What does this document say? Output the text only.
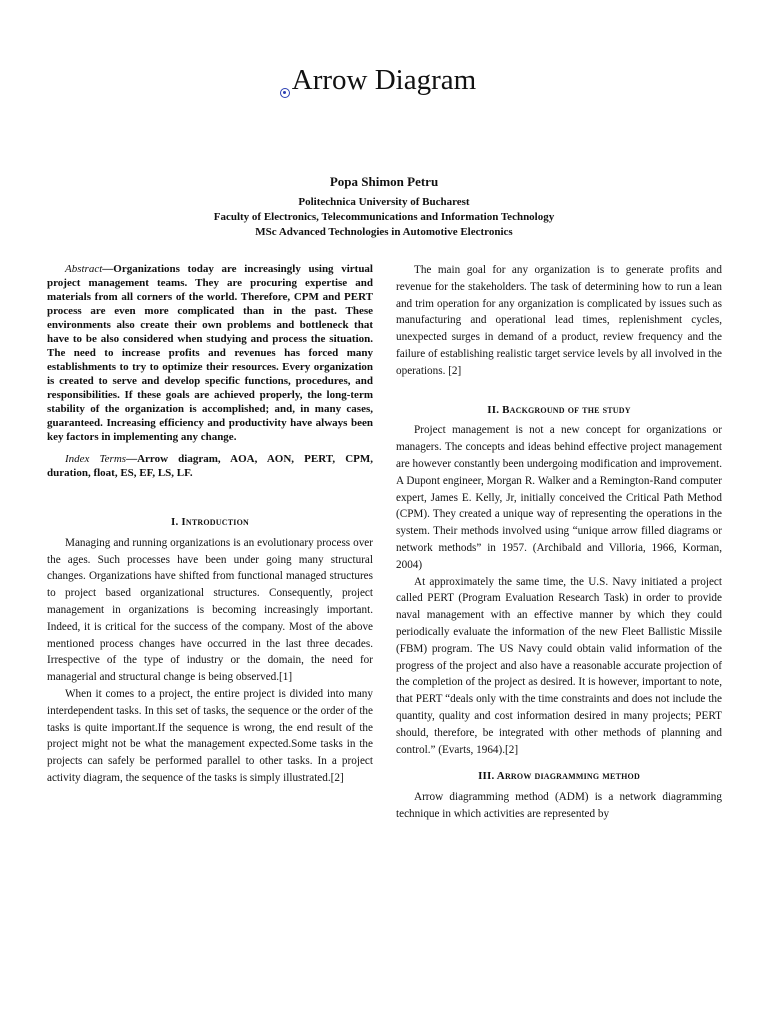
Arrow Diagram
Popa Shimon Petru
Politechnica University of Bucharest
Faculty of Electronics, Telecommunications and Information Technology
MSc Advanced Technologies in Automotive Electronics

Abstract—Organizations today are increasingly using virtual project management teams. They are procuring expertise and materials from all corners of the world. Therefore, CPM and PERT process are even more complicated than in the past. These environments also create their own problems and bottleneck that have to be also considered when studying and process the situation. The need to increase profits and revenues has forced many establishments to try to optimize their resources. Every organization is created to serve and develop specific functions, procedures, and responsibilities. If these goals are achieved properly, the long-term stability of the organization is accomplished; and, in many cases, guaranteed. Increasing efficiency and productivity have always been key factors in implementing any change.

Index Terms—Arrow diagram, AOA, AON, PERT, CPM, duration, float, ES, EF, LS, LF.

I. Introduction

Managing and running organizations is an evolutionary process over the ages. Such processes have been under going many structural changes. Organizations have shifted from functional managed structures to project based organizational structures. Consequently, project management in organizations is becoming increasingly important. Indeed, it is critical for the success of the company. Most of the above mentioned process changes have occurred in the last three decades. Irrespective of the type of industry or the domain, the need for managerial and structural change is being observed.[1]

When it comes to a project, the entire project is divided into many interdependent tasks. In this set of tasks, the sequence or the order of the tasks is quite important.If the sequence is wrong, the end result of the project might not be what the management expected.Some tasks in the projects can safely be performed parallel to other tasks. In a project activity diagram, the sequence of the tasks is simply illustrated.[2]

The main goal for any organization is to generate profits and revenue for the stakeholders. The task of determining how to run a lean and trim operation for any organization is complicated by issues such as manufacturing and operational lead times, replenishment cycles, unexpected surges in demand of a product, review frequency and the failure of establishing realistic target service levels by all involved in the operations. [2]

II. Background of the study

Project management is not a new concept for organizations or managers. The concepts and ideas behind effective project management are however constantly been undergoing modification and improvement. A Dupont engineer, Morgan R. Walker and a Remington-Rand computer expert, James E. Kelly, Jr, initially conceived the Critical Path Method (CPM). They created a unique way of representing the operations in the system. Their methods involved using “unique arrow filled diagrams or network methods” in 1957. (Archibald and Villoria, 1966, Korman, 2004)

At approximately the same time, the U.S. Navy initiated a project called PERT (Program Evaluation Research Task) in order to provide naval management with an effective manner by which they could periodically evaluate the information of the new Fleet Ballistic Missile (FBM) program. The US Navy could obtain valid information of the progress of the project and also have a reasonable accurate projection of the completion of the project as desired. It is however, important to note, that PERT “deals only with the time constraints and does not include the quantity, quality and cost information desired in many projects; PERT should, therefore, be integrated with other methods of planning and control.” (Evarts, 1964).[2]

III. Arrow diagramming method

Arrow diagramming method (ADM) is a network diagramming technique in which activities are represented by
